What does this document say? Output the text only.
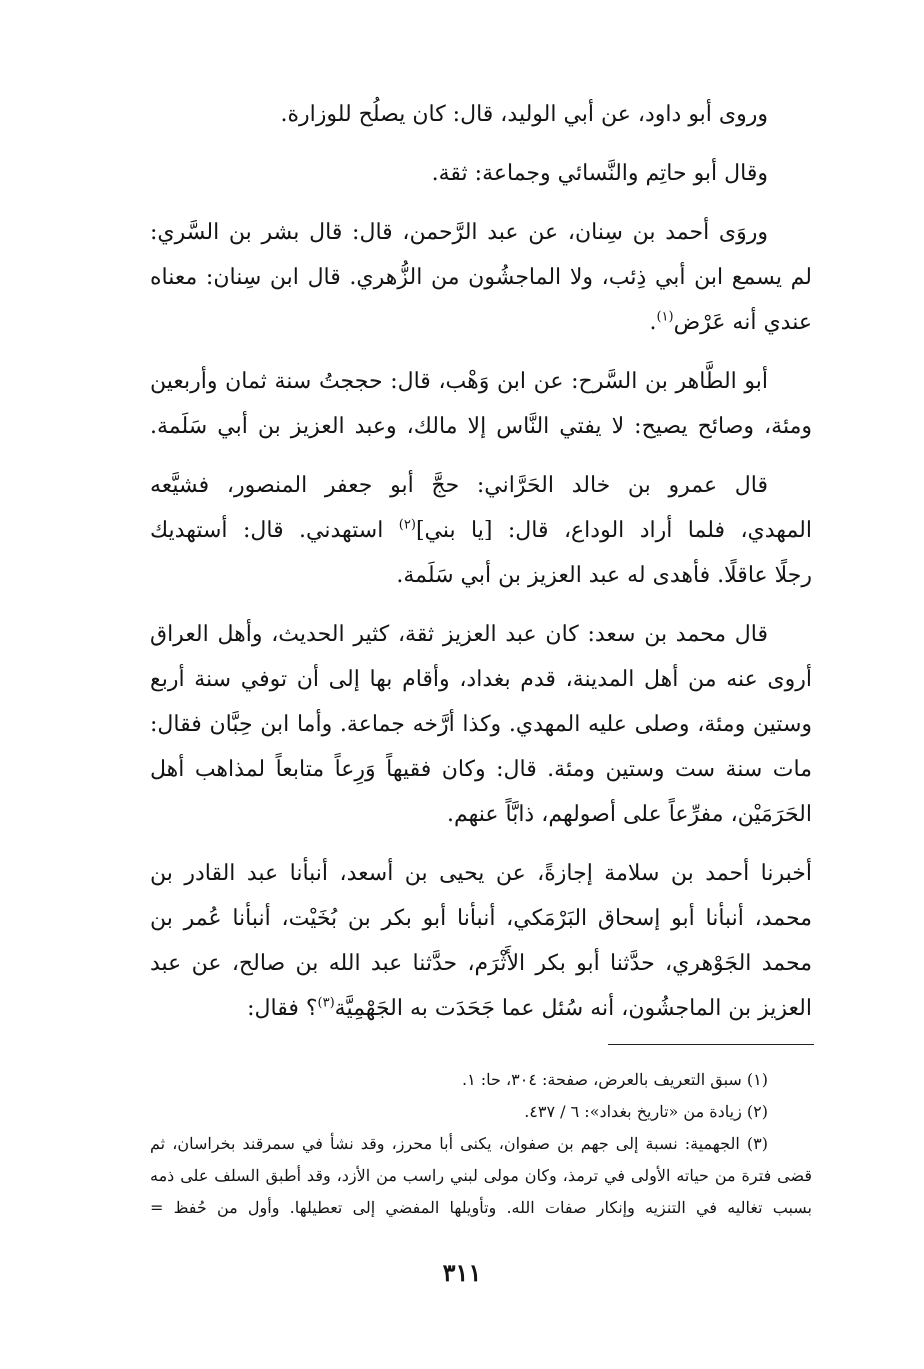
وروى أبو داود، عن أبي الوليد، قال: كان يصلُح للوزارة.
وقال أبو حاتِم والنَّسائي وجماعة: ثقة.
وروَى أحمد بن سِنان، عن عبد الرَّحمن، قال: قال بشر بن السَّري:
لم يسمع ابن أبي ذِئب، ولا الماجشُون من الزُّهري. قال ابن سِنان: معناه
عندي أنه عَرْض$^{(١)}$.
أبو الطَّاهر بن السَّرح: عن ابن وَهْب، قال: حججتُ سنة ثمان وأربعين
ومئة، وصائح يصيح: لا يفتي النَّاس إلا مالك، وعبد العزيز بن أبي سَلَمة.
قال عمرو بن خالد الحَرَّاني: حجَّ أبو جعفر المنصور، فشيَّعه
المهدي، فلما أراد الوداع، قال: [يا بني]$^{(٢)}$ استهدني. قال: أستهديك
رجلًا عاقلًا. فأهدى له عبد العزيز بن أبي سَلَمة.
قال محمد بن سعد: كان عبد العزيز ثقة، كثير الحديث، وأهل العراق
أروى عنه من أهل المدينة، قدم بغداد، وأقام بها إلى أن توفي سنة أربع
وستين ومئة، وصلى عليه المهدي. وكذا أرَّخه جماعة. وأما ابن حِبَّان فقال:
مات سنة ست وستين ومئة. قال: وكان فقيهاً وَرِعاً متابعاً لمذاهب أهل
الحَرَمَيْن، مفرِّعاً على أصولهم، ذابَّاً عنهم.
أخبرنا أحمد بن سلامة إجازةً، عن يحيى بن أسعد، أنبأنا عبد القادر بن
محمد، أنبأنا أبو إسحاق البَرْمَكي، أنبأنا أبو بكر بن بُخَيْت، أنبأنا عُمر بن
محمد الجَوْهري، حدَّثنا أبو بكر الأَثْرَم، حدَّثنا عبد الله بن صالح، عن عبد
العزيز بن الماجشُون، أنه سُئل عما جَحَدَت به الجَهْمِيَّة$^{(٣)}$؟ فقال:
(١) سبق التعريف بالعرض، صفحة: ٣٠٤، حا: ١.
(٢) زيادة من «تاريخ بغداد»: ٦ / ٤٣٧.
(٣) الجهمية: نسبة إلى جهم بن صفوان، يكنى أبا محرز، وقد نشأ في سمرقند بخراسان، ثم
قضى فترة من حياته الأولى في ترمذ، وكان مولى لبني راسب من الأزد، وقد أطبق السلف على ذمه
بسبب تغاليه في التنزيه وإنكار صفات الله. وتأويلها المفضي إلى تعطيلها. وأول من حُفظ =
٣١١
